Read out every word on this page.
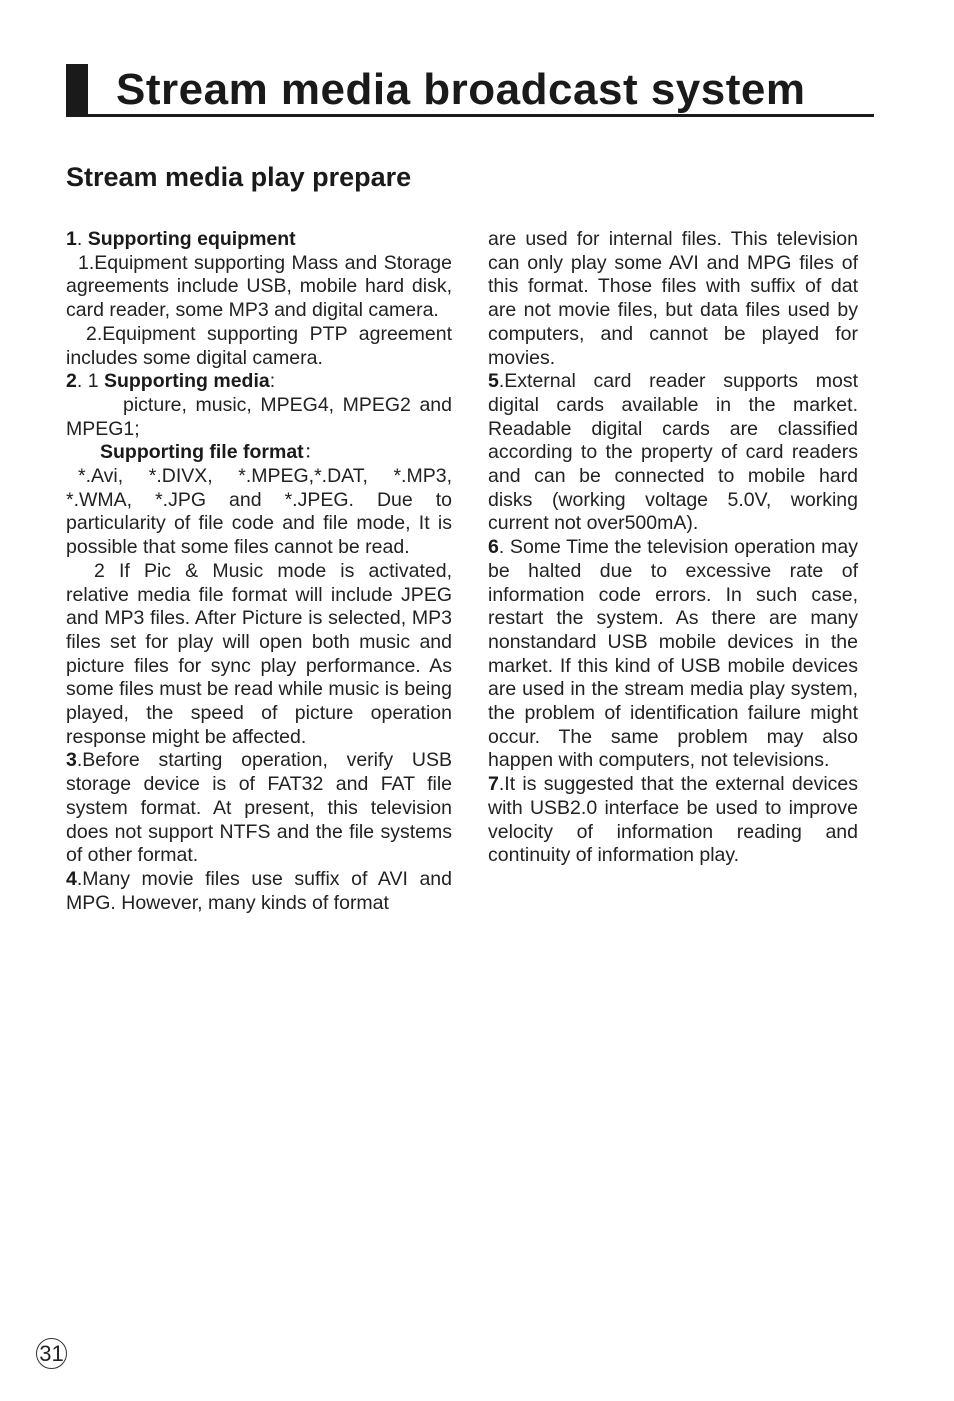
Stream media broadcast system
Stream media play prepare

1. Supporting equipment

1.Equipment supporting Mass and Storage agreements include USB, mobile hard disk, card reader, some MP3 and digital camera.

2.Equipment supporting PTP agreement includes some digital camera.

2. 1 Supporting media:

picture, music, MPEG4, MPEG2 and MPEG1;

Supporting file format：

*.Avi, *.DIVX, *.MPEG,*.DAT, *.MP3, *.WMA, *.JPG and *.JPEG. Due to particularity of file code and file mode, It is possible that some files cannot be read.

2 If Pic & Music mode is activated, relative media file format will include JPEG and MP3 files. After Picture is selected, MP3 files set for play will open both music and picture files for sync play performance. As some files must be read while music is being played, the speed of picture operation response might be affected.

3.Before starting operation, verify USB storage device is of FAT32 and FAT file system format. At present, this television does not support NTFS and the file systems of other format.

4.Many movie files use suffix of AVI and MPG. However, many kinds of format

are used for internal files. This television can only play some AVI and MPG files of this format. Those files with suffix of dat are not movie files, but data files used by computers, and cannot be played for movies.

5.External card reader supports most digital cards available in the market. Readable digital cards are classified according to the property of card readers and can be connected to mobile hard disks (working voltage 5.0V, working current not over500mA).

6. Some Time the television operation may be halted due to excessive rate of information code errors. In such case, restart the system. As there are many nonstandard USB mobile devices in the market. If this kind of USB mobile devices are used in the stream media play system, the problem of identification failure might occur. The same problem may also happen with computers, not televisions.

7.It is suggested that the external devices with USB2.0 interface be used to improve velocity of information reading and continuity of information play.

31
